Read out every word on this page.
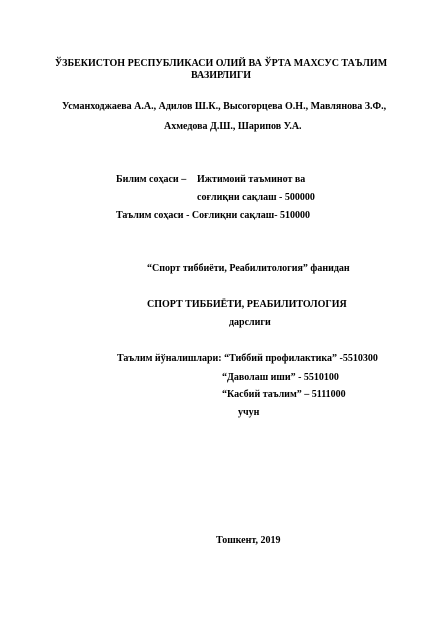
ЎЗБЕКИСТОН РЕСПУБЛИКАСИ ОЛИЙ ВА ЎРТА МАХСУС ТАЪЛИМ
ВАЗИРЛИГИ
Усманходжаева А.А., Адилов Ш.К., Высогорцева О.Н., Мавлянова З.Ф.,
Ахмедова Д.Ш., Шарипов У.А.
Билим соҳаси – Ижтимоий таъминот ва
соғлиқни сақлаш - 500000
Таълим соҳаси - Соғлиқни сақлаш- 510000
“Спорт тиббиёти, Реабилитология” фанидан
СПОРТ ТИББИЁТИ, РЕАБИЛИТОЛОГИЯ
дарслиги
Таълим йўналишлари: “Тиббий профилактика” -5510300
“Даволаш иши” - 5510100
“Касбий таълим” – 5111000
учун
Тошкент, 2019
